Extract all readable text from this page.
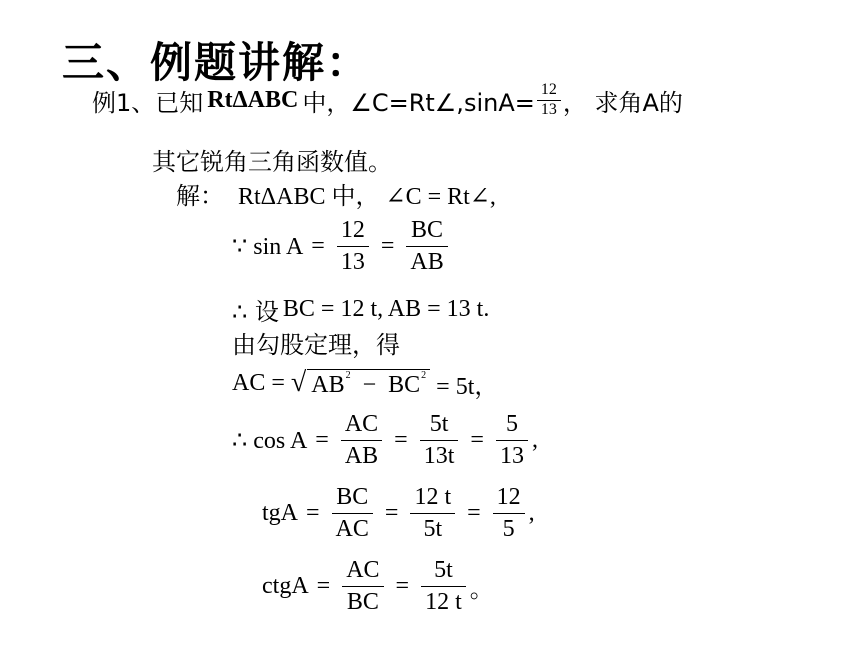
三、例题讲解：
例1、已知 RtΔABC 中，∠C=Rt∠,sinA= $\frac{12}{13}$ ， 求角A的
其它锐角三角函数值。
解： RtΔABC 中， ∠C = Rt∠,
∵ $\sin A = \frac{12}{13} = \frac{BC}{AB}$
∴ 设 BC = 12 t, AB = 13 t.
由勾股定理，得
AC = √ $AB^2 - BC^2 = 5t$，
∴ $\cos A = \frac{AC}{AB} = \frac{5t}{13t} = \frac{5}{13}$ ,
tgA = $\frac{BC}{AC} = \frac{12 t}{5t} = \frac{12}{5}$ ,
ctgA = $\frac{AC}{BC} = \frac{5t}{12 t}$ 。
